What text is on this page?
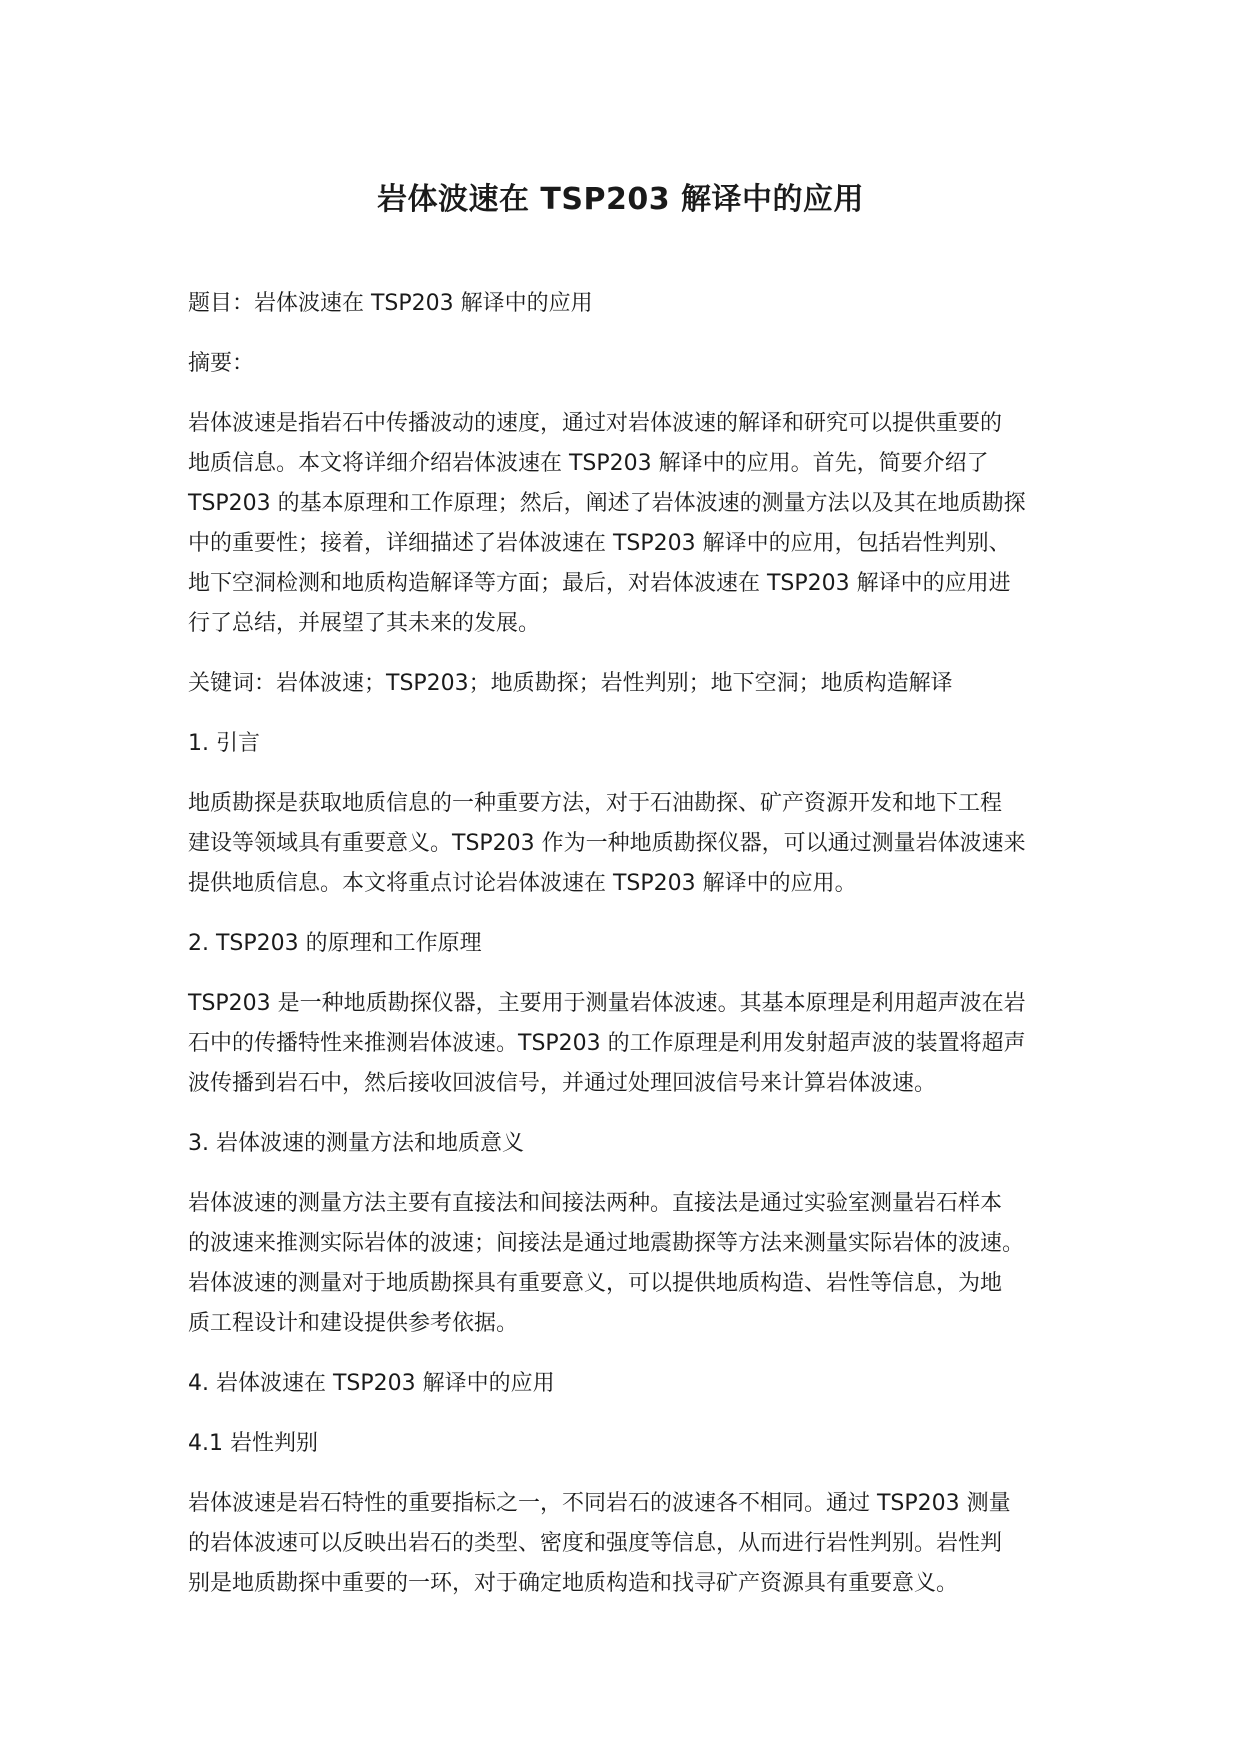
岩体波速在 TSP203 解译中的应用

题目：岩体波速在 TSP203 解译中的应用

摘要：

岩体波速是指岩石中传播波动的速度，通过对岩体波速的解译和研究可以提供重要的
地质信息。本文将详细介绍岩体波速在 TSP203 解译中的应用。首先，简要介绍了
TSP203 的基本原理和工作原理；然后，阐述了岩体波速的测量方法以及其在地质勘探
中的重要性；接着，详细描述了岩体波速在 TSP203 解译中的应用，包括岩性判别、
地下空洞检测和地质构造解译等方面；最后，对岩体波速在 TSP203 解译中的应用进
行了总结，并展望了其未来的发展。

关键词：岩体波速；TSP203；地质勘探；岩性判别；地下空洞；地质构造解译

1. 引言

地质勘探是获取地质信息的一种重要方法，对于石油勘探、矿产资源开发和地下工程
建设等领域具有重要意义。TSP203 作为一种地质勘探仪器，可以通过测量岩体波速来
提供地质信息。本文将重点讨论岩体波速在 TSP203 解译中的应用。

2. TSP203 的原理和工作原理

TSP203 是一种地质勘探仪器，主要用于测量岩体波速。其基本原理是利用超声波在岩
石中的传播特性来推测岩体波速。TSP203 的工作原理是利用发射超声波的装置将超声
波传播到岩石中，然后接收回波信号，并通过处理回波信号来计算岩体波速。

3. 岩体波速的测量方法和地质意义

岩体波速的测量方法主要有直接法和间接法两种。直接法是通过实验室测量岩石样本
的波速来推测实际岩体的波速；间接法是通过地震勘探等方法来测量实际岩体的波速。
岩体波速的测量对于地质勘探具有重要意义，可以提供地质构造、岩性等信息，为地
质工程设计和建设提供参考依据。

4. 岩体波速在 TSP203 解译中的应用

4.1 岩性判别

岩体波速是岩石特性的重要指标之一，不同岩石的波速各不相同。通过 TSP203 测量
的岩体波速可以反映出岩石的类型、密度和强度等信息，从而进行岩性判别。岩性判
别是地质勘探中重要的一环，对于确定地质构造和找寻矿产资源具有重要意义。
